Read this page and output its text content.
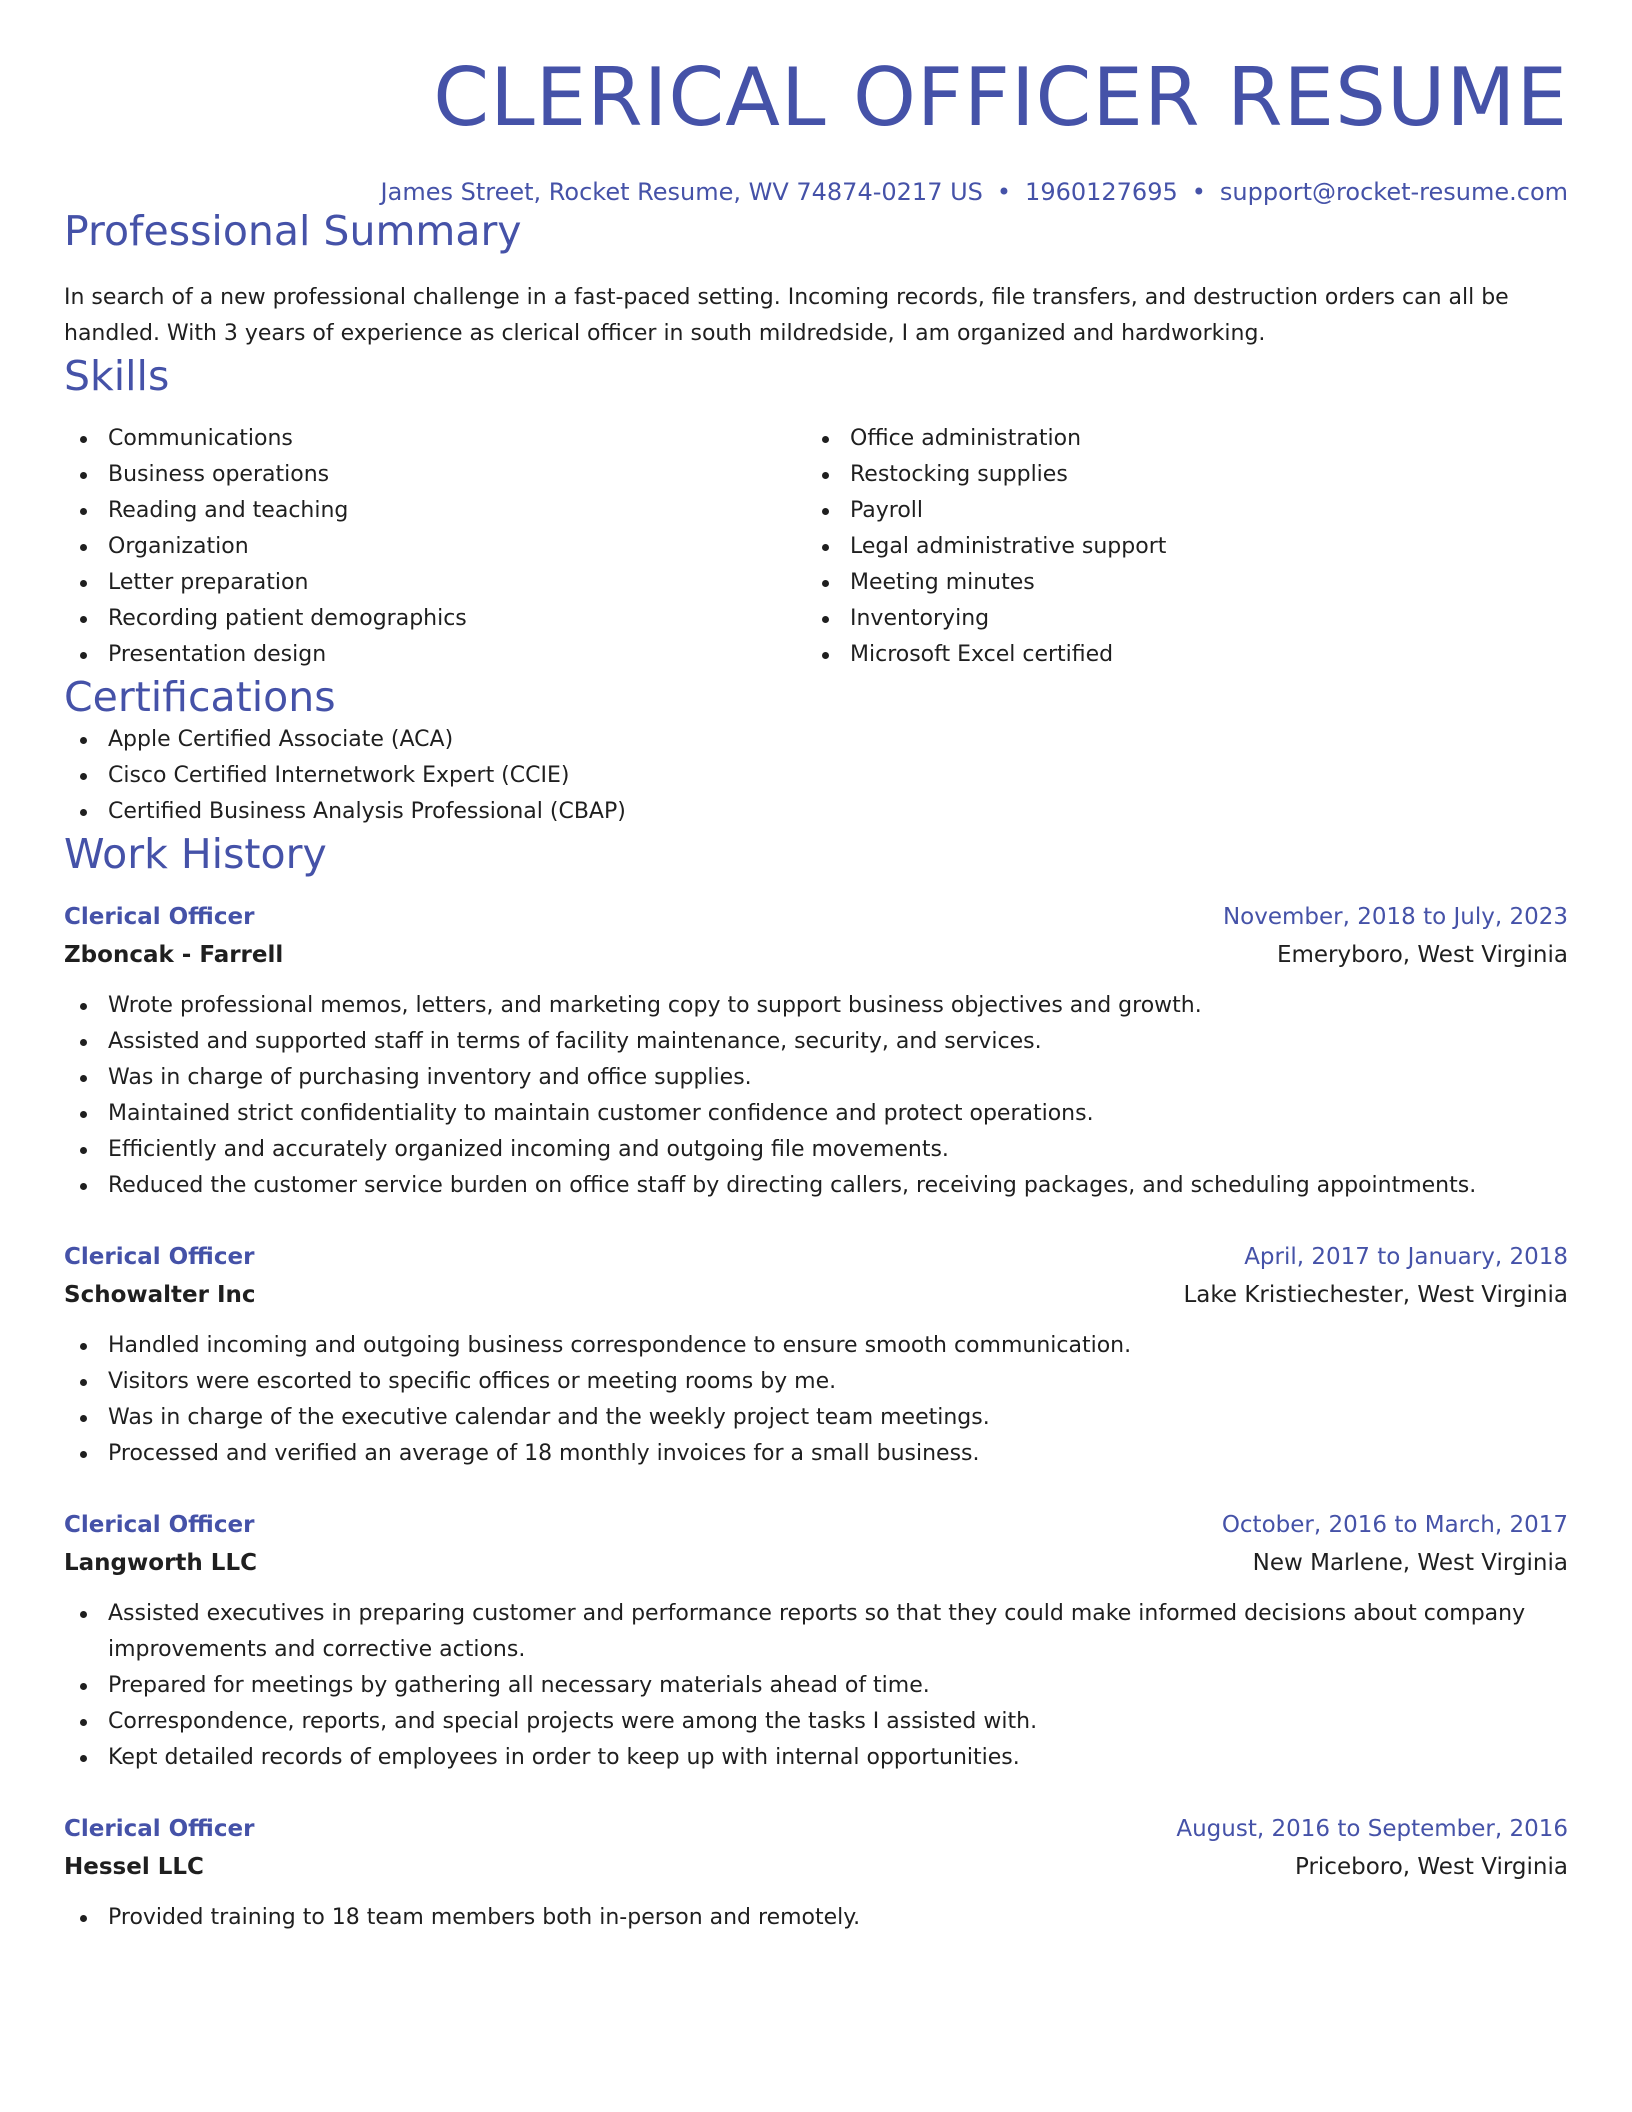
CLERICAL OFFICER RESUME
James Street, Rocket Resume, WV 74874-0217 US • 1960127695 • support@rocket-resume.com
Professional Summary
In search of a new professional challenge in a fast-paced setting. Incoming records, file transfers, and destruction orders can all be handled. With 3 years of experience as clerical officer in south mildredside, I am organized and hardworking.
Skills
Communications
Business operations
Reading and teaching
Organization
Letter preparation
Recording patient demographics
Presentation design
Office administration
Restocking supplies
Payroll
Legal administrative support
Meeting minutes
Inventorying
Microsoft Excel certified
Certifications
Apple Certified Associate (ACA)
Cisco Certified Internetwork Expert (CCIE)
Certified Business Analysis Professional (CBAP)
Work History
Clerical Officer	November, 2018 to July, 2023
Zboncak - Farrell	Emeryboro, West Virginia
Wrote professional memos, letters, and marketing copy to support business objectives and growth.
Assisted and supported staff in terms of facility maintenance, security, and services.
Was in charge of purchasing inventory and office supplies.
Maintained strict confidentiality to maintain customer confidence and protect operations.
Efficiently and accurately organized incoming and outgoing file movements.
Reduced the customer service burden on office staff by directing callers, receiving packages, and scheduling appointments.
Clerical Officer	April, 2017 to January, 2018
Schowalter Inc	Lake Kristiechester, West Virginia
Handled incoming and outgoing business correspondence to ensure smooth communication.
Visitors were escorted to specific offices or meeting rooms by me.
Was in charge of the executive calendar and the weekly project team meetings.
Processed and verified an average of 18 monthly invoices for a small business.
Clerical Officer	October, 2016 to March, 2017
Langworth LLC	New Marlene, West Virginia
Assisted executives in preparing customer and performance reports so that they could make informed decisions about company improvements and corrective actions.
Prepared for meetings by gathering all necessary materials ahead of time.
Correspondence, reports, and special projects were among the tasks I assisted with.
Kept detailed records of employees in order to keep up with internal opportunities.
Clerical Officer	August, 2016 to September, 2016
Hessel LLC	Priceboro, West Virginia
Provided training to 18 team members both in-person and remotely.
